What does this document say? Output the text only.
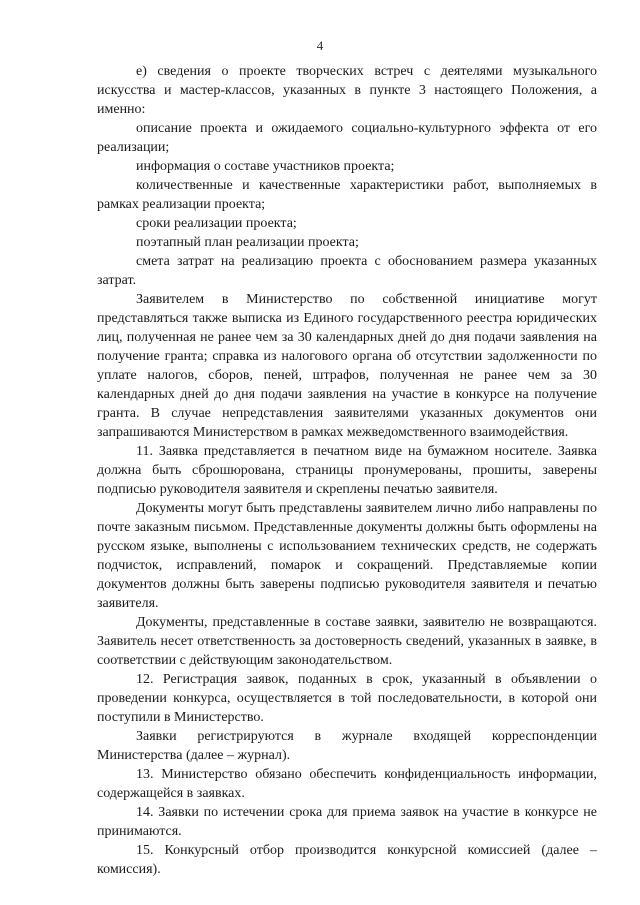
4

е) сведения о проекте творческих встреч с деятелями музыкального искусства и мастер-классов, указанных в пункте 3 настоящего Положения, а именно:

описание проекта и ожидаемого социально-культурного эффекта от его реализации;

информация о составе участников проекта;

количественные и качественные характеристики работ, выполняемых в рамках реализации проекта;

сроки реализации проекта;

поэтапный план реализации проекта;

смета затрат на реализацию проекта с обоснованием размера указанных затрат.

Заявителем в Министерство по собственной инициативе могут представляться также выписка из Единого государственного реестра юридических лиц, полученная не ранее чем за 30 календарных дней до дня подачи заявления на получение гранта; справка из налогового органа об отсутствии задолженности по уплате налогов, сборов, пеней, штрафов, полученная не ранее чем за 30 календарных дней до дня подачи заявления на участие в конкурсе на получение гранта. В случае непредставления заявителями указанных документов они запрашиваются Министерством в рамках межведомственного взаимодействия.

11. Заявка представляется в печатном виде на бумажном носителе. Заявка должна быть сброшюрована, страницы пронумерованы, прошиты, заверены подписью руководителя заявителя и скреплены печатью заявителя.

Документы могут быть представлены заявителем лично либо направлены по почте заказным письмом. Представленные документы должны быть оформлены на русском языке, выполнены с использованием технических средств, не содержать подчисток, исправлений, помарок и сокращений. Представляемые копии документов должны быть заверены подписью руководителя заявителя и печатью заявителя.

Документы, представленные в составе заявки, заявителю не возвращаются. Заявитель несет ответственность за достоверность сведений, указанных в заявке, в соответствии с действующим законодательством.

12. Регистрация заявок, поданных в срок, указанный в объявлении о проведении конкурса, осуществляется в той последовательности, в которой они поступили в Министерство.

Заявки регистрируются в журнале входящей корреспонденции Министерства (далее – журнал).

13. Министерство обязано обеспечить конфиденциальность информации, содержащейся в заявках.

14. Заявки по истечении срока для приема заявок на участие в конкурсе не принимаются.

15. Конкурсный отбор производится конкурсной комиссией (далее – комиссия).
